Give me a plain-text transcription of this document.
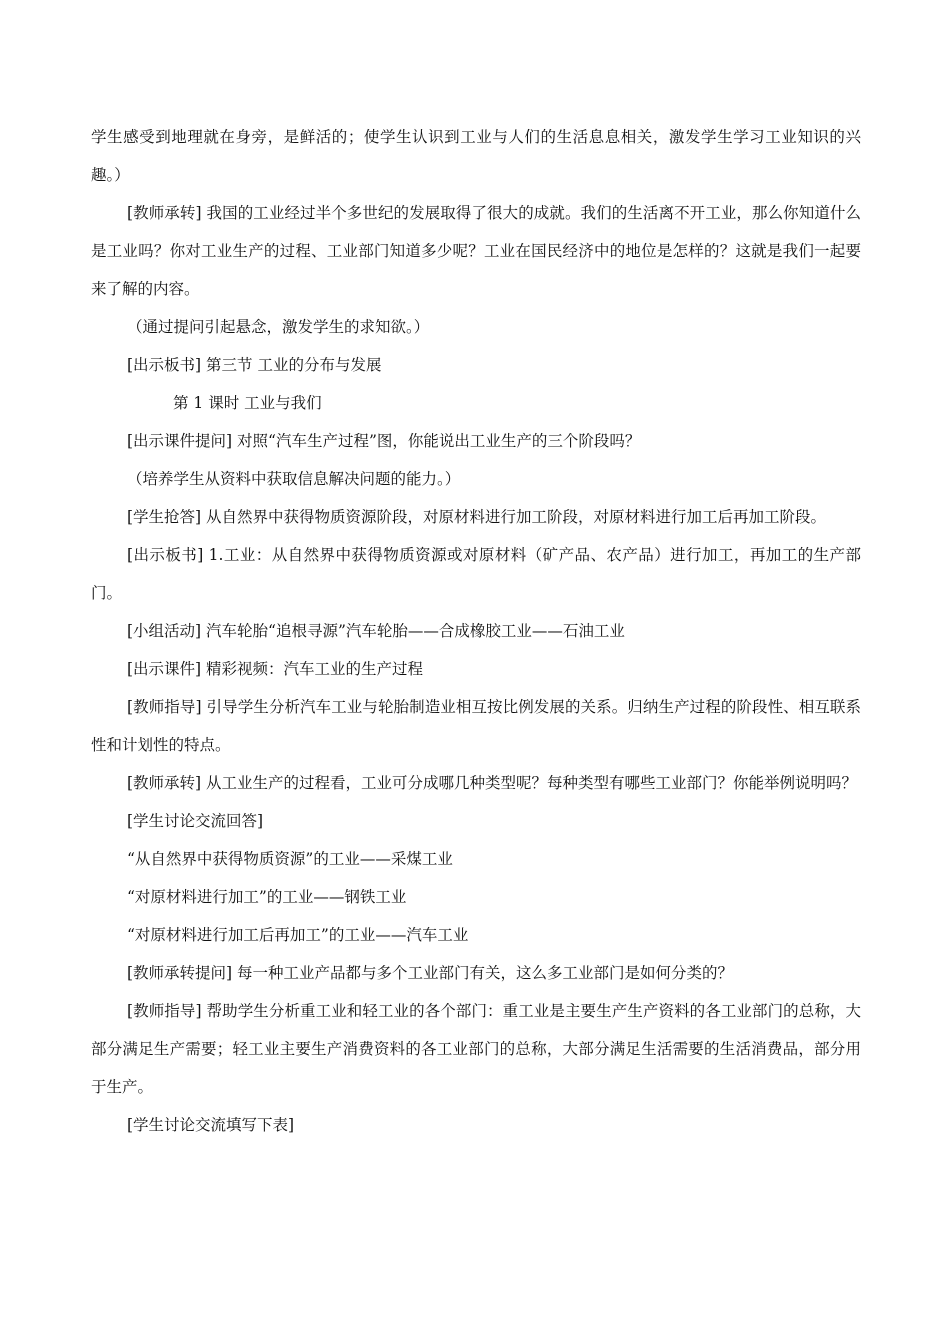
学生感受到地理就在身旁，是鲜活的；使学生认识到工业与人们的生活息息相关，激发学生学习工业知识的兴趣。）

[教师承转] 我国的工业经过半个多世纪的发展取得了很大的成就。我们的生活离不开工业，那么你知道什么是工业吗？你对工业生产的过程、工业部门知道多少呢？工业在国民经济中的地位是怎样的？这就是我们一起要来了解的内容。

（通过提问引起悬念，激发学生的求知欲。）

[出示板书] 第三节 工业的分布与发展

第 1 课时 工业与我们

[出示课件提问] 对照“汽车生产过程”图，你能说出工业生产的三个阶段吗？

（培养学生从资料中获取信息解决问题的能力。）

[学生抢答] 从自然界中获得物质资源阶段，对原材料进行加工阶段，对原材料进行加工后再加工阶段。

[出示板书] 1.工业：从自然界中获得物质资源或对原材料（矿产品、农产品）进行加工，再加工的生产部门。

[小组活动] 汽车轮胎“追根寻源”汽车轮胎——合成橡胶工业——石油工业

[出示课件] 精彩视频：汽车工业的生产过程

[教师指导] 引导学生分析汽车工业与轮胎制造业相互按比例发展的关系。归纳生产过程的阶段性、相互联系性和计划性的特点。

[教师承转] 从工业生产的过程看，工业可分成哪几种类型呢？每种类型有哪些工业部门？你能举例说明吗？

[学生讨论交流回答]

“从自然界中获得物质资源”的工业——采煤工业

“对原材料进行加工”的工业——钢铁工业

“对原材料进行加工后再加工”的工业——汽车工业

[教师承转提问] 每一种工业产品都与多个工业部门有关，这么多工业部门是如何分类的？

[教师指导] 帮助学生分析重工业和轻工业的各个部门：重工业是主要生产生产资料的各工业部门的总称，大部分满足生产需要；轻工业主要生产消费资料的各工业部门的总称，大部分满足生活需要的生活消费品，部分用于生产。

[学生讨论交流填写下表]
